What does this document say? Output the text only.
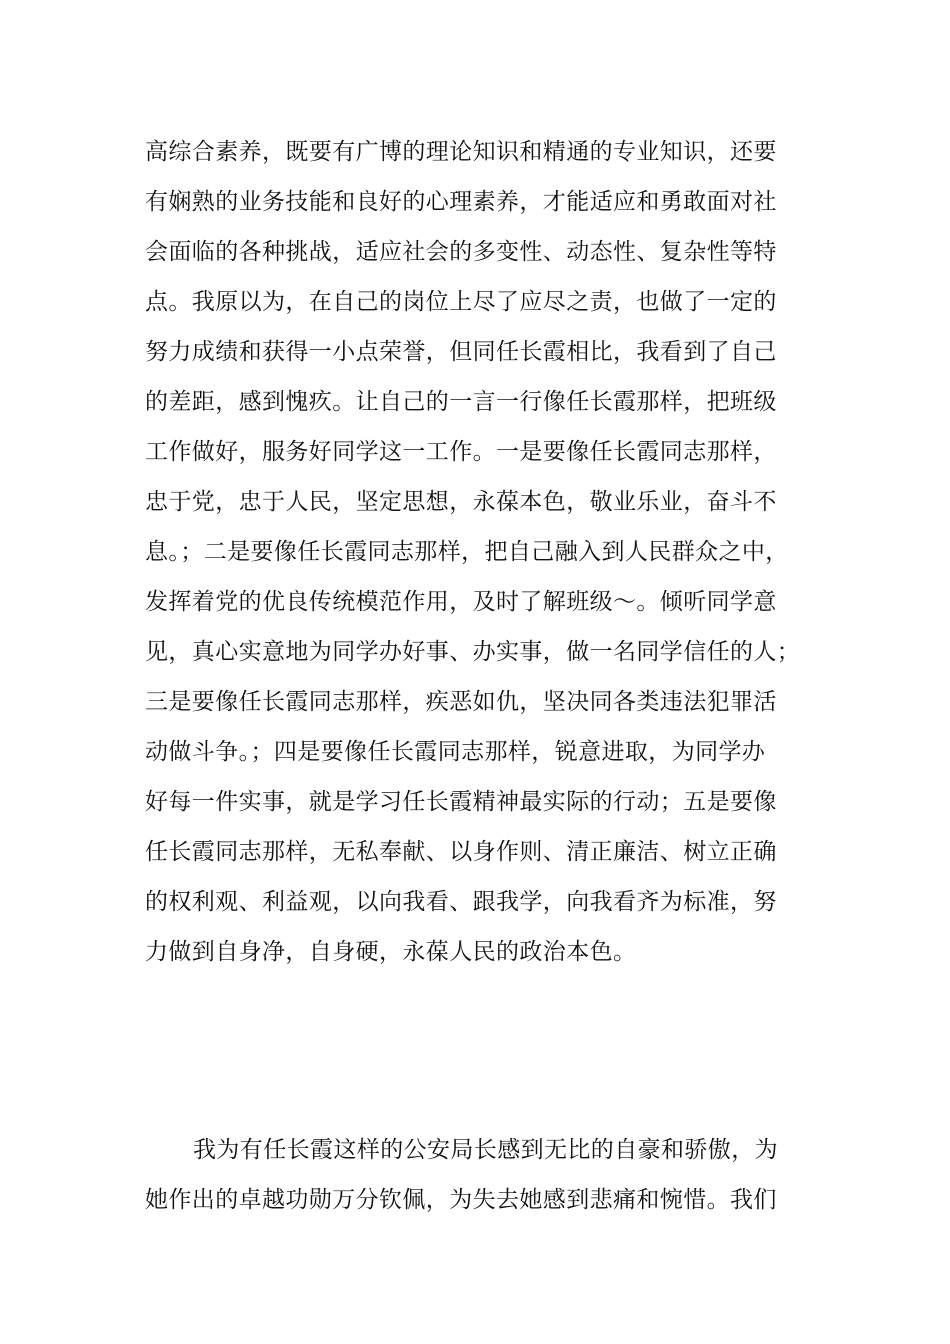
高综合素养，既要有广博的理论知识和精通的专业知识，还要
有娴熟的业务技能和良好的心理素养，才能适应和勇敢面对社
会面临的各种挑战，适应社会的多变性、动态性、复杂性等特
点。我原以为，在自己的岗位上尽了应尽之责，也做了一定的
努力成绩和获得一小点荣誉，但同任长霞相比，我看到了自己
的差距，感到愧疚。让自己的一言一行像任长霞那样，把班级
工作做好，服务好同学这一工作。一是要像任长霞同志那样，
忠于党，忠于人民，坚定思想，永葆本色，敬业乐业，奋斗不
息。；二是要像任长霞同志那样，把自己融入到人民群众之中，
发挥着党的优良传统模范作用，及时了解班级～。倾听同学意
见，真心实意地为同学办好事、办实事，做一名同学信任的人；
三是要像任长霞同志那样，疾恶如仇，坚决同各类违法犯罪活
动做斗争。；四是要像任长霞同志那样，锐意进取，为同学办
好每一件实事，就是学习任长霞精神最实际的行动；五是要像
任长霞同志那样，无私奉献、以身作则、清正廉洁、树立正确
的权利观、利益观，以向我看、跟我学，向我看齐为标准，努
力做到自身净，自身硬，永葆人民的政治本色。
我为有任长霞这样的公安局长感到无比的自豪和骄傲，为
她作出的卓越功勋万分钦佩，为失去她感到悲痛和惋惜。我们
